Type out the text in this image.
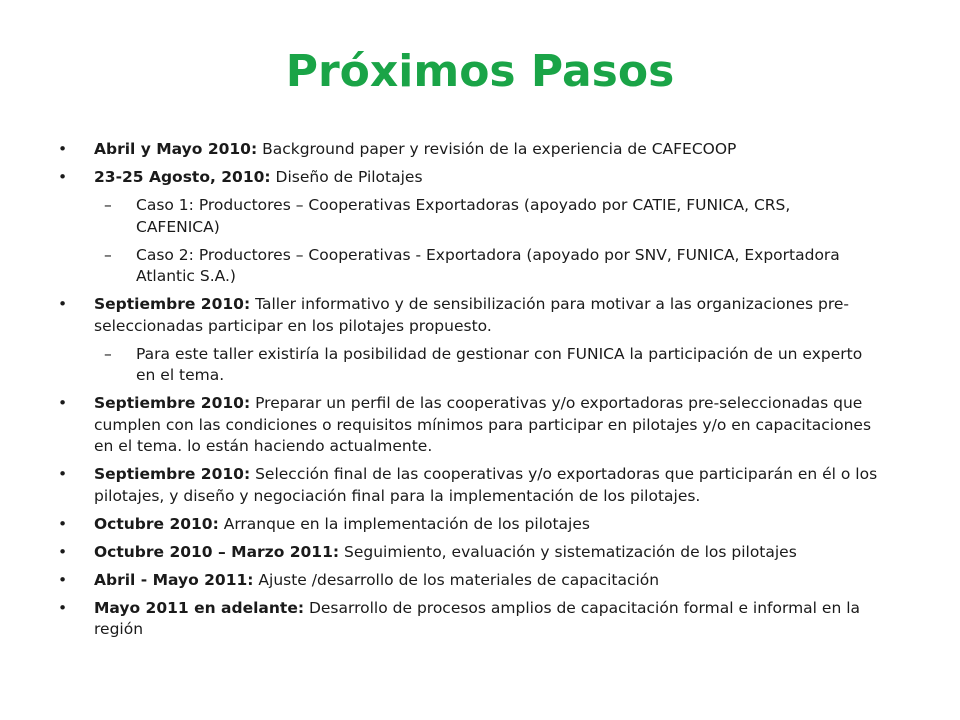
Próximos Pasos

• Abril y Mayo 2010: Background paper y revisión de la experiencia de CAFECOOP

• 23-25 Agosto, 2010: Diseño de Pilotajes

– Caso 1: Productores – Cooperativas Exportadoras (apoyado por CATIE, FUNICA, CRS, CAFENICA)

– Caso 2: Productores – Cooperativas - Exportadora (apoyado por SNV, FUNICA, Exportadora Atlantic S.A.)

• Septiembre 2010: Taller informativo y de sensibilización para motivar a las organizaciones pre-seleccionadas participar en los pilotajes propuesto.

– Para este taller existiría la posibilidad de gestionar con FUNICA la participación de un experto en el tema.

• Septiembre 2010: Preparar un perfil de las cooperativas y/o exportadoras pre-seleccionadas que cumplen con las condiciones o requisitos mínimos para participar en pilotajes y/o en capacitaciones en el tema. lo están haciendo actualmente.

• Septiembre 2010: Selección final de las cooperativas y/o exportadoras que participarán en él o los pilotajes, y diseño y negociación final para la implementación de los pilotajes.

• Octubre 2010: Arranque en la implementación de los pilotajes

• Octubre 2010 – Marzo 2011: Seguimiento, evaluación y sistematización de los pilotajes

• Abril - Mayo 2011: Ajuste /desarrollo de los materiales de capacitación

• Mayo 2011 en adelante: Desarrollo de procesos amplios de capacitación formal e informal en la región
